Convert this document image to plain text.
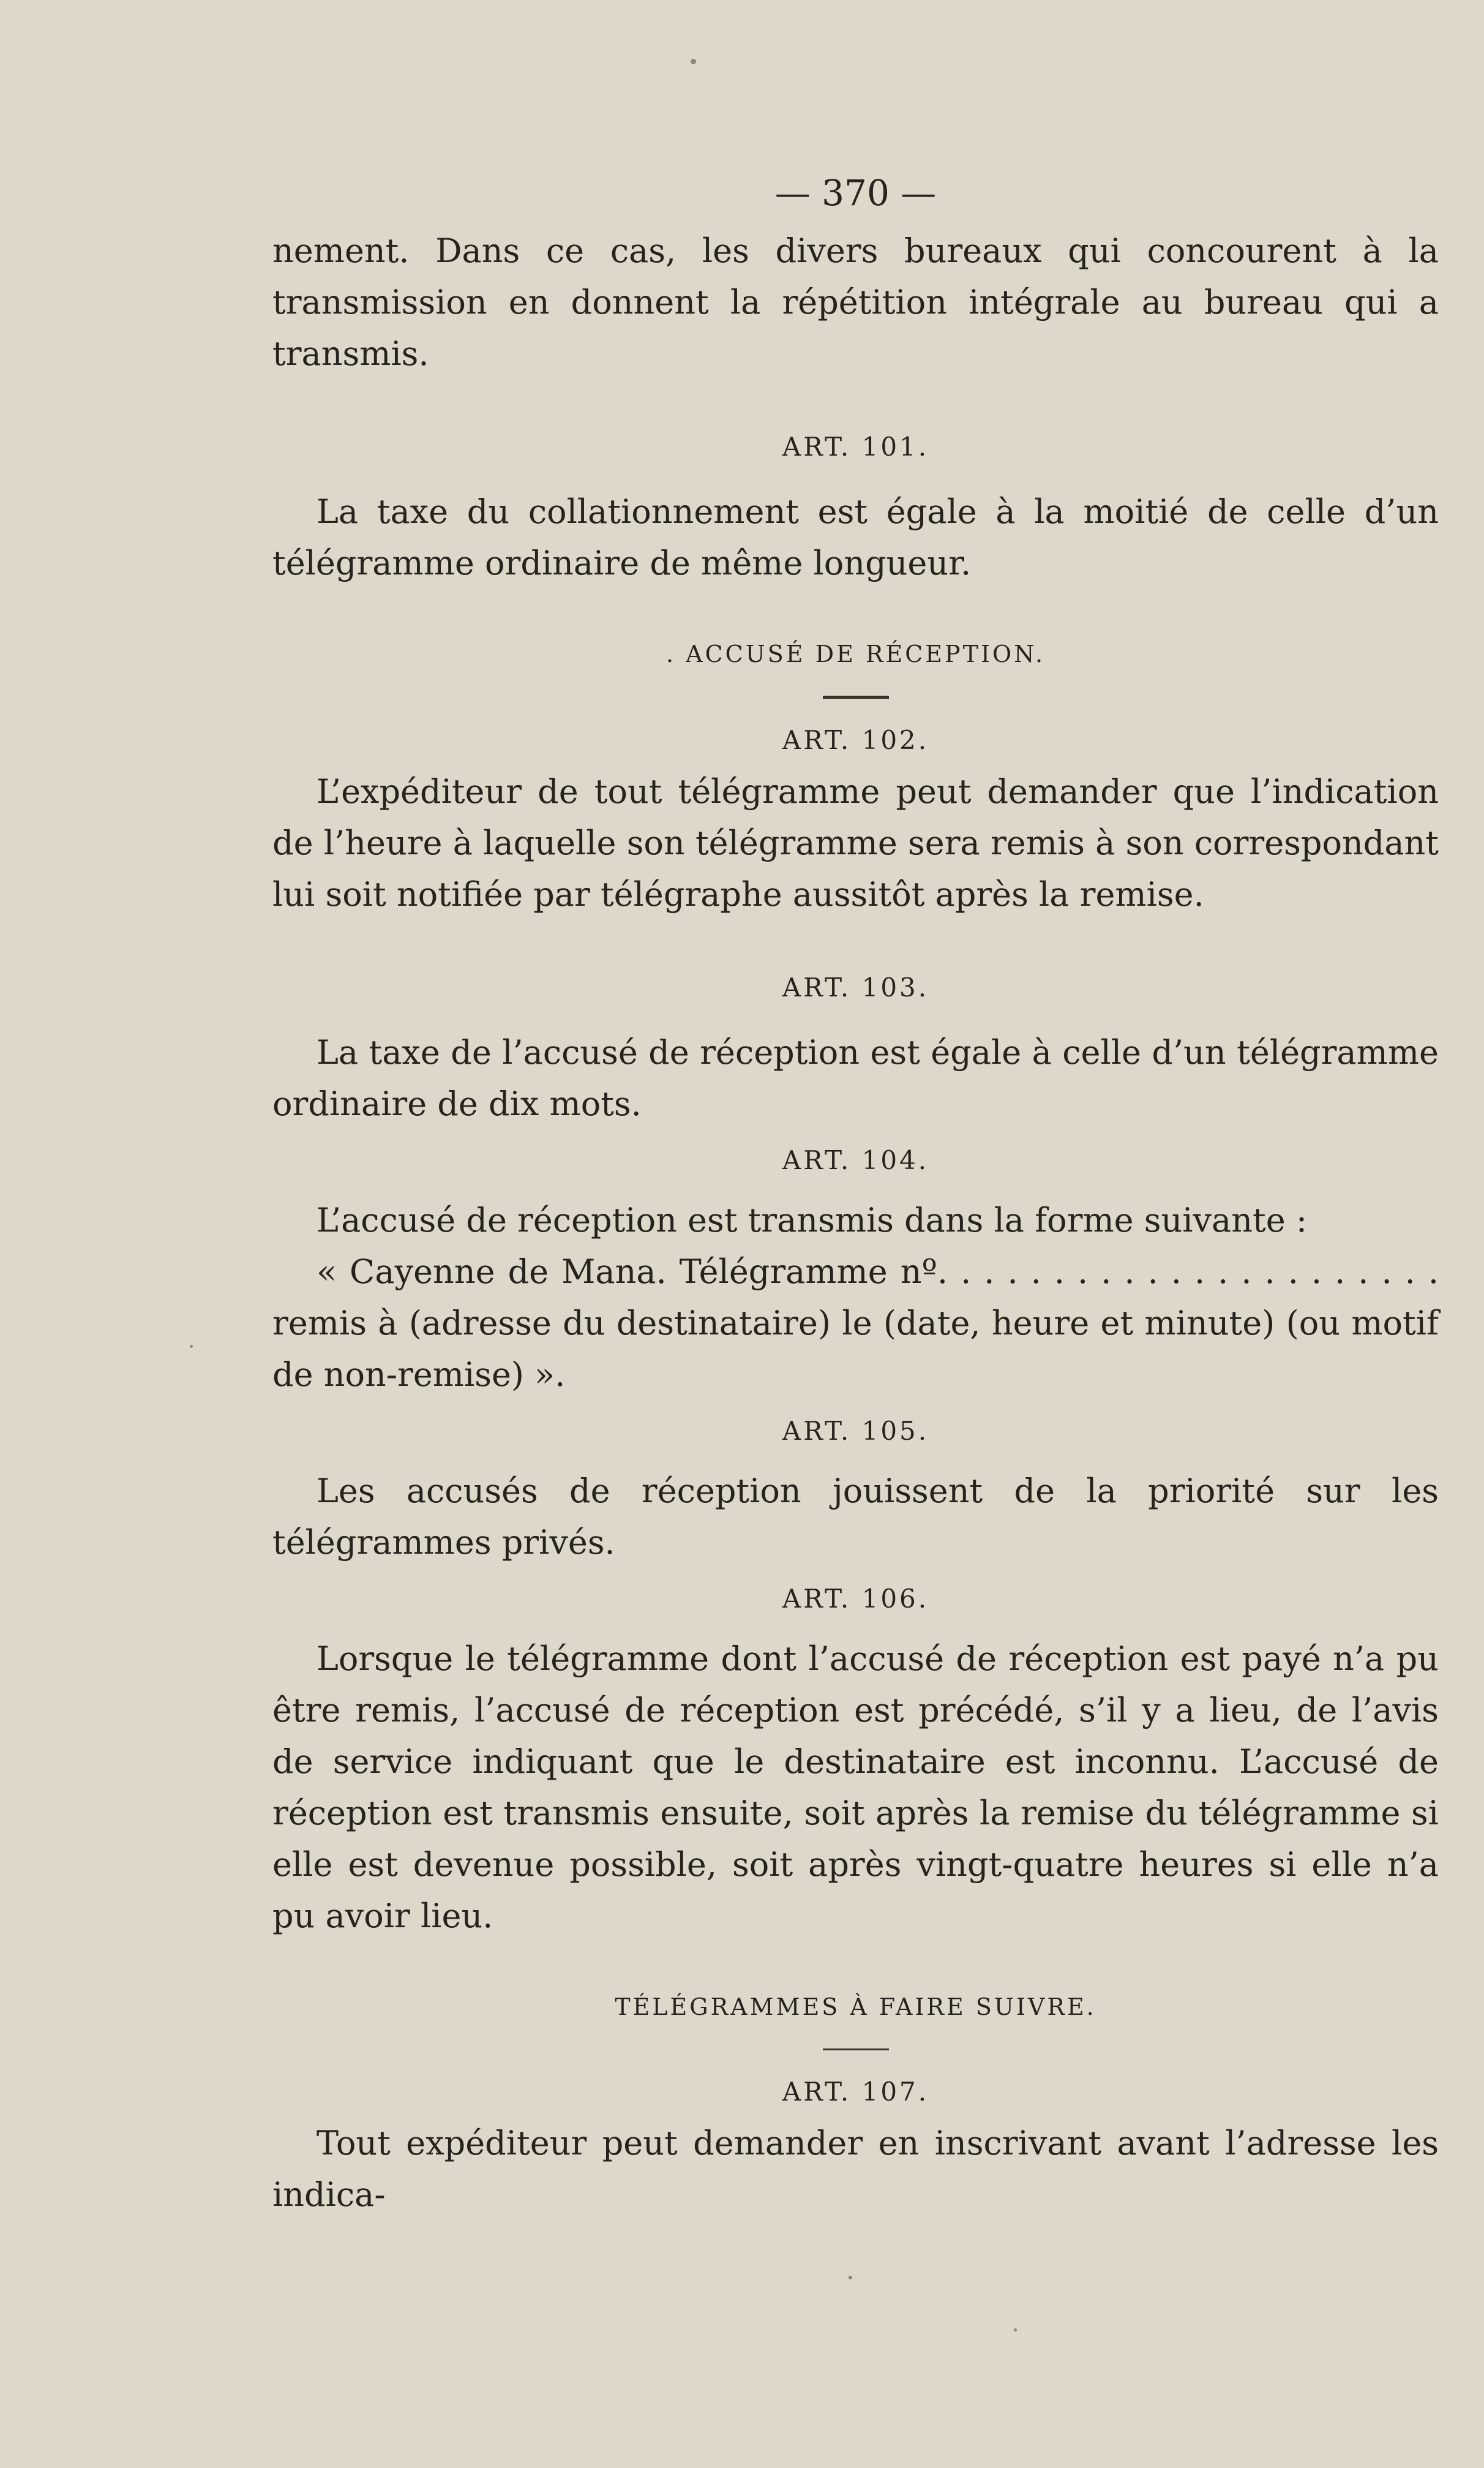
— 370 —

nement. Dans ce cas, les divers bureaux qui concourent à la transmission en donnent la répétition intégrale au bureau qui a transmis.

ART. 101.

La taxe du collationnement est égale à la moitié de celle d’un télégramme ordinaire de même longueur.

. ACCUSÉ DE RÉCEPTION.
ART. 102.

L’expéditeur de tout télégramme peut demander que l’indication de l’heure à laquelle son télégramme sera remis à son correspondant lui soit notifiée par télégraphe aussitôt après la remise.

ART. 103.

La taxe de l’accusé de réception est égale à celle d’un télégramme ordinaire de dix mots.

ART. 104.

L’accusé de réception est transmis dans la forme suivante :

« Cayenne de Mana. Télégramme nº. . . . . . . . . . . . . . . . . . . . . . remis à (adresse du destinataire) le (date, heure et minute) (ou motif de non-remise) ».

ART. 105.

Les accusés de réception jouissent de la priorité sur les télégrammes privés.

ART. 106.

Lorsque le télégramme dont l’accusé de réception est payé n’a pu être remis, l’accusé de réception est précédé, s’il y a lieu, de l’avis de service indiquant que le destinataire est inconnu. L’accusé de réception est transmis ensuite, soit après la remise du télégramme si elle est devenue possible, soit après vingt-quatre heures si elle n’a pu avoir lieu.

TÉLÉGRAMMES À FAIRE SUIVRE.
ART. 107.

Tout expéditeur peut demander en inscrivant avant l’adresse les indica-
